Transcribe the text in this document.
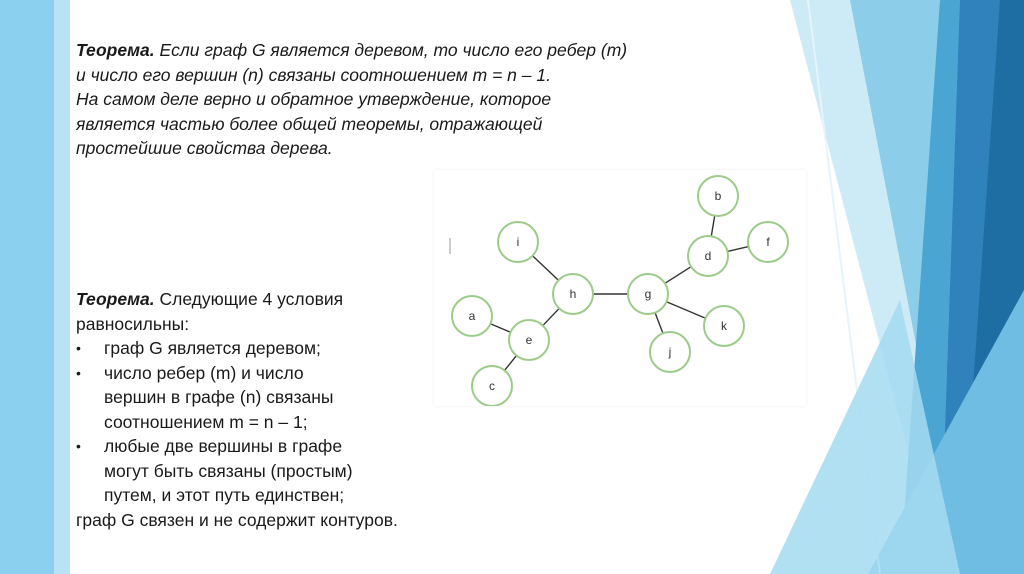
Теорема. Если граф G является деревом, то число его ребер (m)
и число его вершин (n) связаны соотношением m = n – 1.
На самом деле верно и обратное утверждение, которое
является частью более общей теоремы, отражающей
простейшие свойства дерева.
b
d
f
i
h	g
a
e
k
j
c
Теорема. Следующие 4 условия
равносильны:
• граф G является деревом;
• число ребер (m) и число
вершин в графе (n) связаны
соотношением m = n – 1;
• любые две вершины в графе
могут быть связаны (простым)
путем, и этот путь единствен;
граф G связен и не содержит контуров.
